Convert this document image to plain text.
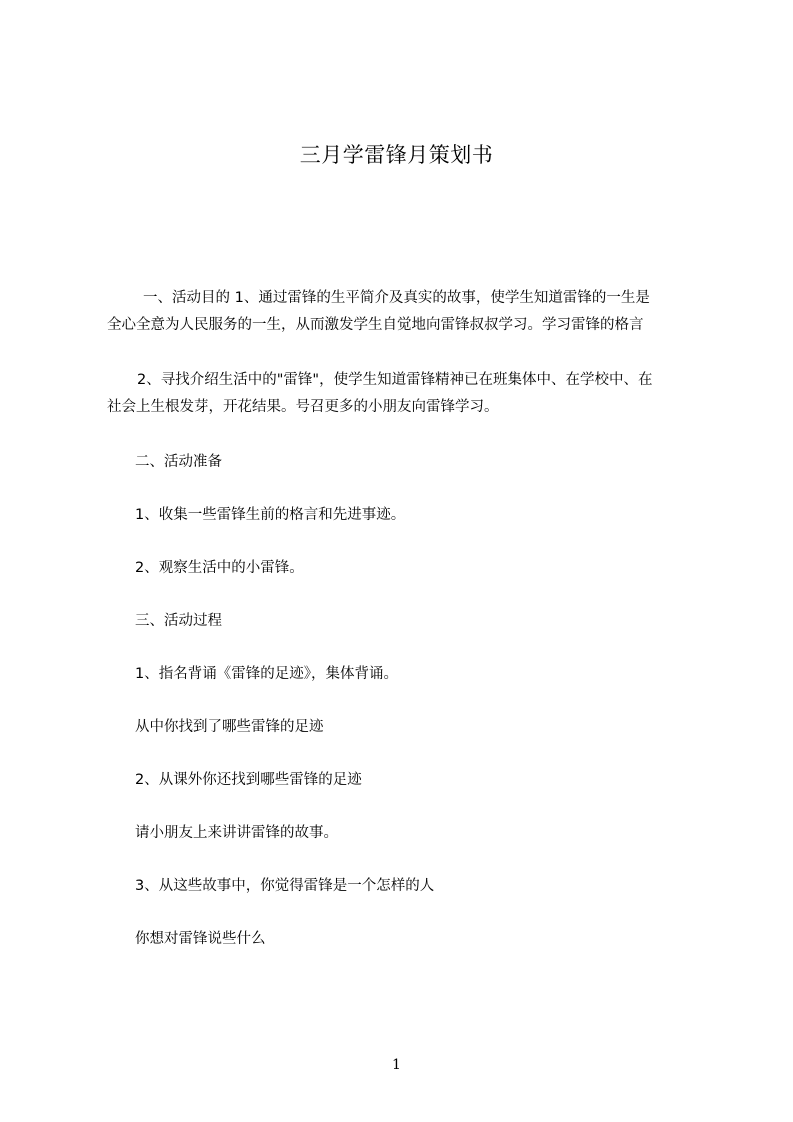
三月学雷锋月策划书

一、活动目的 1、通过雷锋的生平简介及真实的故事，使学生知道雷锋的一生是

全心全意为人民服务的一生，从而激发学生自觉地向雷锋叔叔学习。学习雷锋的格言

2、寻找介绍生活中的"雷锋"，使学生知道雷锋精神已在班集体中、在学校中、在

社会上生根发芽，开花结果。号召更多的小朋友向雷锋学习。

二、活动准备

1、收集一些雷锋生前的格言和先进事迹。

2、观察生活中的小雷锋。

三、活动过程

1、指名背诵《雷锋的足迹》，集体背诵。

从中你找到了哪些雷锋的足迹

2、从课外你还找到哪些雷锋的足迹

请小朋友上来讲讲雷锋的故事。

3、从这些故事中，你觉得雷锋是一个怎样的人

你想对雷锋说些什么

1
